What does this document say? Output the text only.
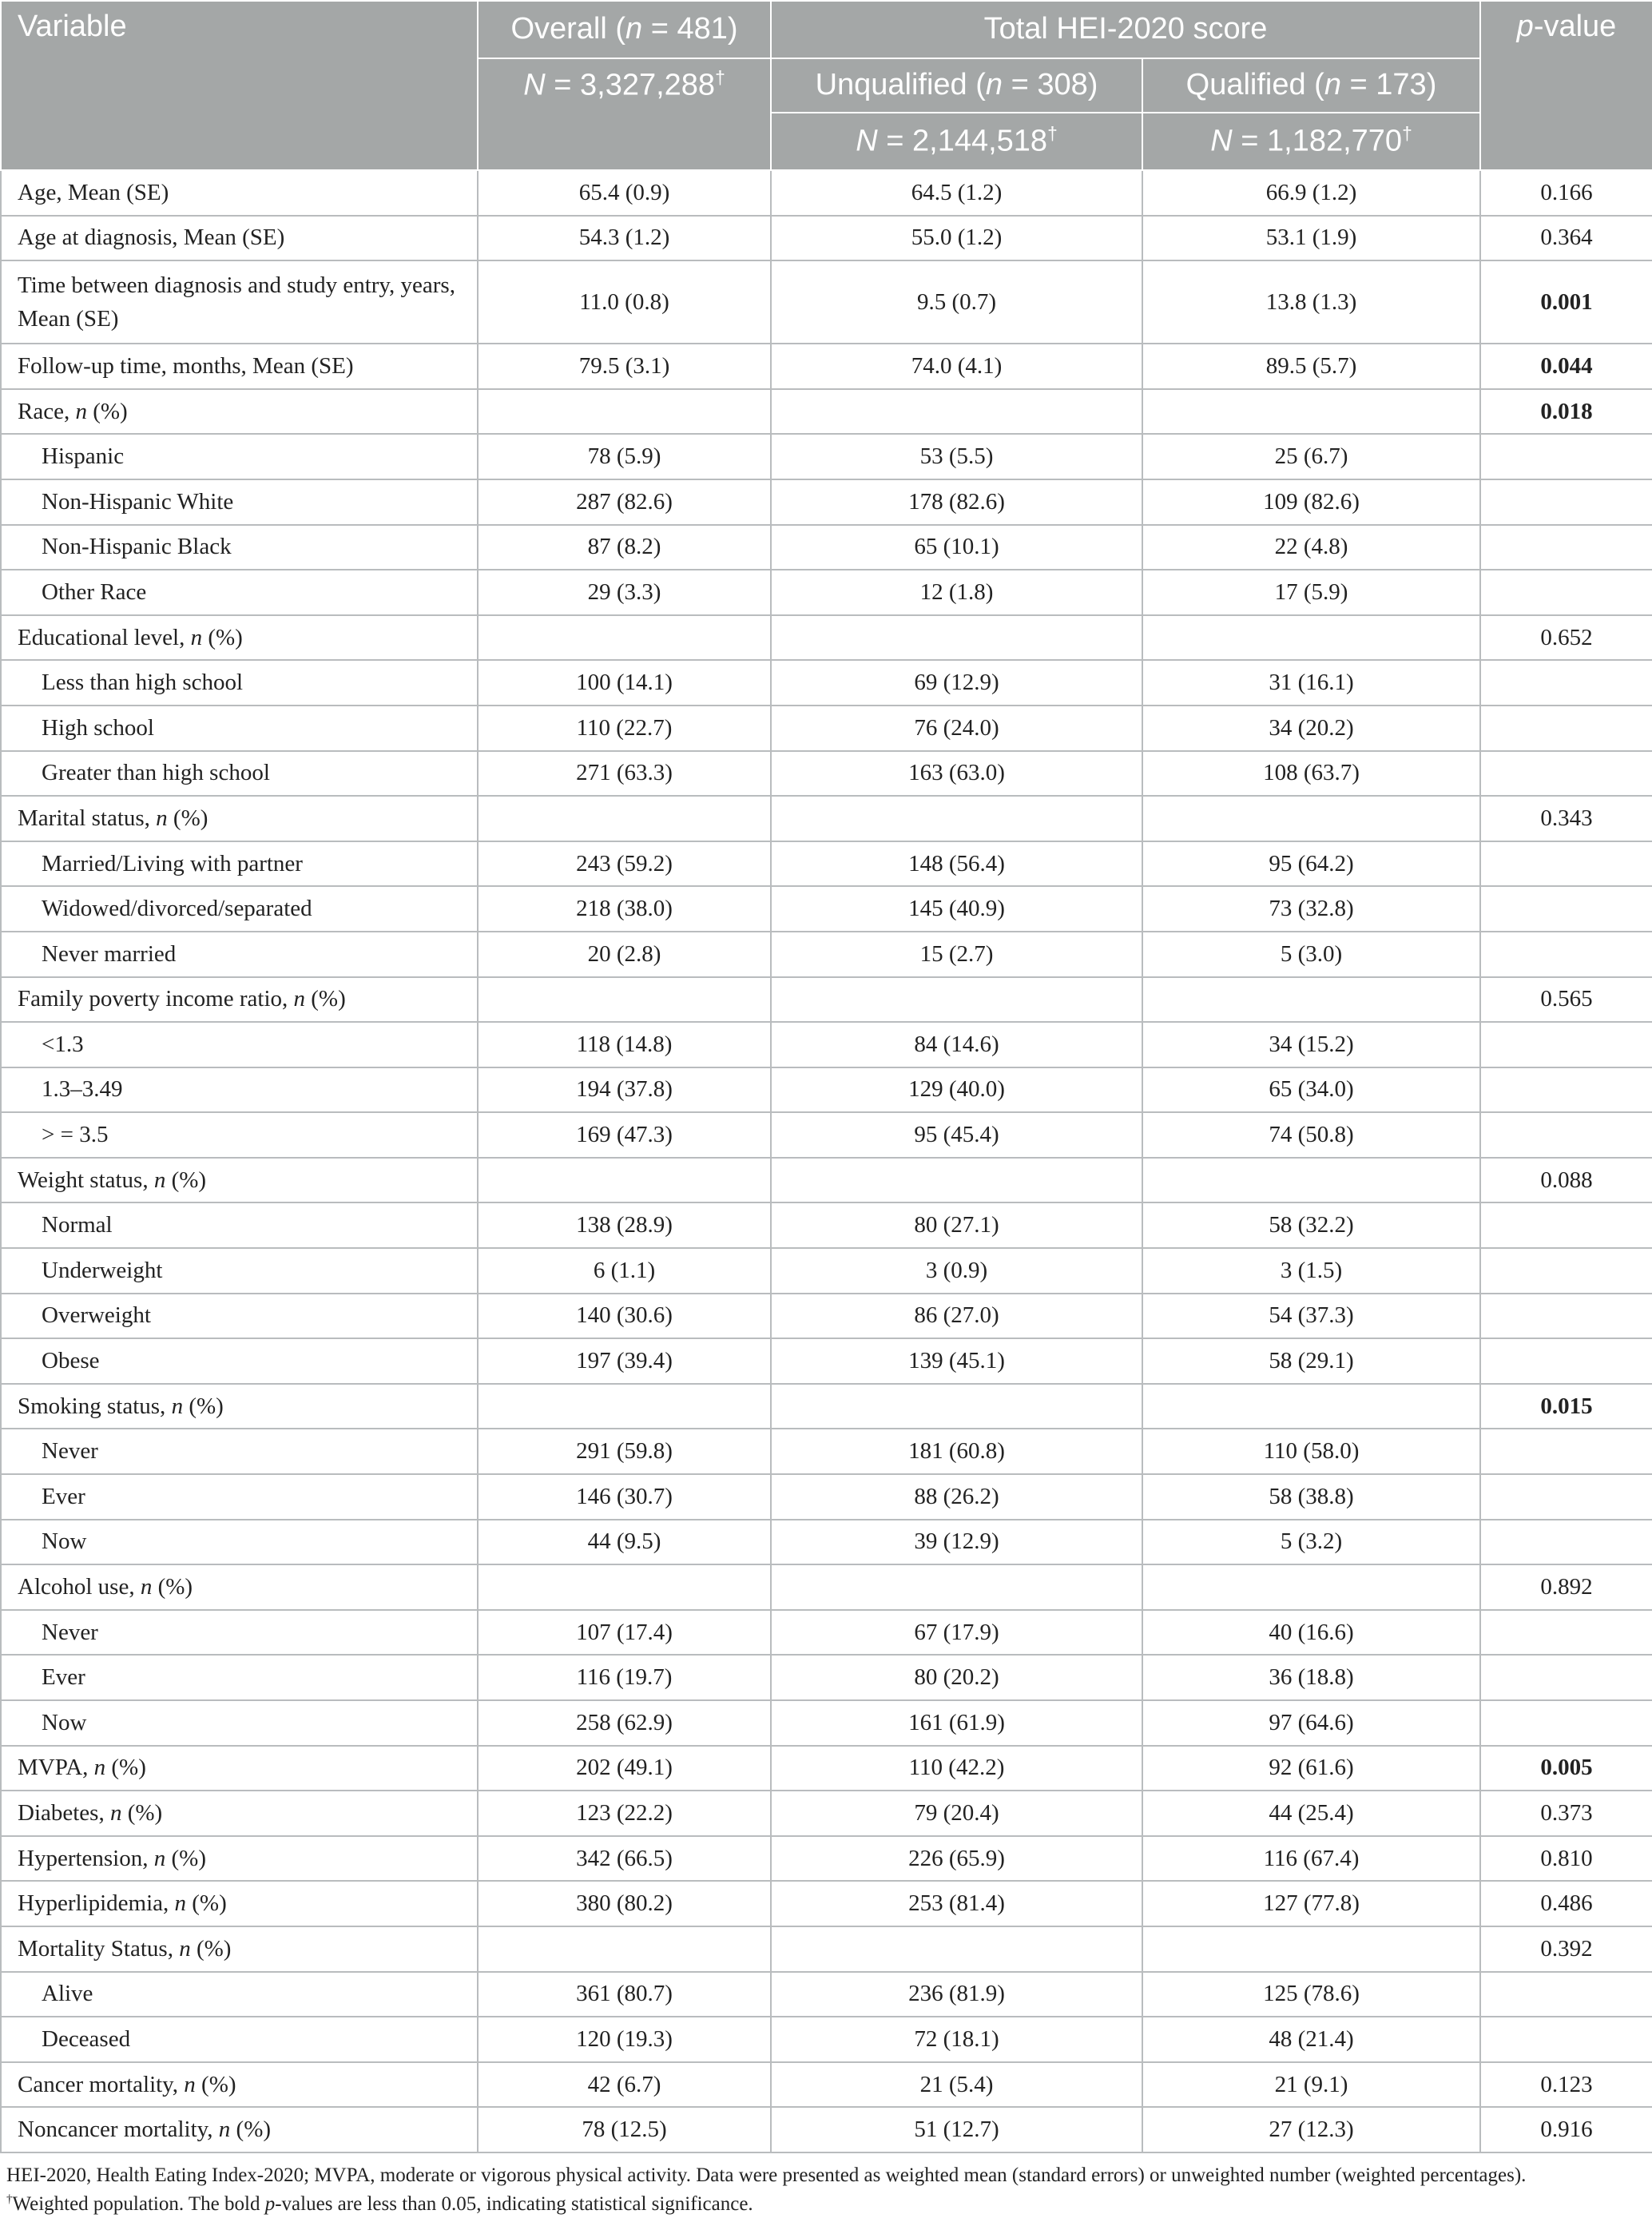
Variable	Overall (n = 481)	Total HEI-2020 score		p-value
	N = 3,327,288†	Unqualified (n = 308)	Qualified (n = 173)	
		N = 2,144,518†	N = 1,182,770†
Age, Mean (SE)	65.4 (0.9)	64.5 (1.2)	66.9 (1.2)	0.166
Age at diagnosis, Mean (SE)	54.3 (1.2)	55.0 (1.2)	53.1 (1.9)	0.364
Time between diagnosis and study entry, years, Mean (SE)	11.0 (0.8)	9.5 (0.7)	13.8 (1.3)	0.001
Follow-up time, months, Mean (SE)	79.5 (3.1)	74.0 (4.1)	89.5 (5.7)	0.044
Race, n (%)				0.018
Hispanic	78 (5.9)	53 (5.5)	25 (6.7)	
Non-Hispanic White	287 (82.6)	178 (82.6)	109 (82.6)	
Non-Hispanic Black	87 (8.2)	65 (10.1)	22 (4.8)	
Other Race	29 (3.3)	12 (1.8)	17 (5.9)	
Educational level, n (%)				0.652
Less than high school	100 (14.1)	69 (12.9)	31 (16.1)	
High school	110 (22.7)	76 (24.0)	34 (20.2)	
Greater than high school	271 (63.3)	163 (63.0)	108 (63.7)	
Marital status, n (%)				0.343
Married/Living with partner	243 (59.2)	148 (56.4)	95 (64.2)	
Widowed/divorced/separated	218 (38.0)	145 (40.9)	73 (32.8)	
Never married	20 (2.8)	15 (2.7)	5 (3.0)	
Family poverty income ratio, n (%)				0.565
<1.3	118 (14.8)	84 (14.6)	34 (15.2)	
1.3–3.49	194 (37.8)	129 (40.0)	65 (34.0)	
> = 3.5	169 (47.3)	95 (45.4)	74 (50.8)	
Weight status, n (%)				0.088
Normal	138 (28.9)	80 (27.1)	58 (32.2)	
Underweight	6 (1.1)	3 (0.9)	3 (1.5)	
Overweight	140 (30.6)	86 (27.0)	54 (37.3)	
Obese	197 (39.4)	139 (45.1)	58 (29.1)	
Smoking status, n (%)				0.015
Never	291 (59.8)	181 (60.8)	110 (58.0)	
Ever	146 (30.7)	88 (26.2)	58 (38.8)	
Now	44 (9.5)	39 (12.9)	5 (3.2)	
Alcohol use, n (%)				0.892
Never	107 (17.4)	67 (17.9)	40 (16.6)	
Ever	116 (19.7)	80 (20.2)	36 (18.8)	
Now	258 (62.9)	161 (61.9)	97 (64.6)	
MVPA, n (%)	202 (49.1)	110 (42.2)	92 (61.6)	0.005
Diabetes, n (%)	123 (22.2)	79 (20.4)	44 (25.4)	0.373
Hypertension, n (%)	342 (66.5)	226 (65.9)	116 (67.4)	0.810
Hyperlipidemia, n (%)	380 (80.2)	253 (81.4)	127 (77.8)	0.486
Mortality Status, n (%)				0.392
Alive	361 (80.7)	236 (81.9)	125 (78.6)	
Deceased	120 (19.3)	72 (18.1)	48 (21.4)	
Cancer mortality, n (%)	42 (6.7)	21 (5.4)	21 (9.1)	0.123
Noncancer mortality, n (%)	78 (12.5)	51 (12.7)	27 (12.3)	0.916
HEI-2020, Health Eating Index-2020; MVPA, moderate or vigorous physical activity. Data were presented as weighted mean (standard errors) or unweighted number (weighted percentages).
†Weighted population. The bold p-values are less than 0.05, indicating statistical significance.
